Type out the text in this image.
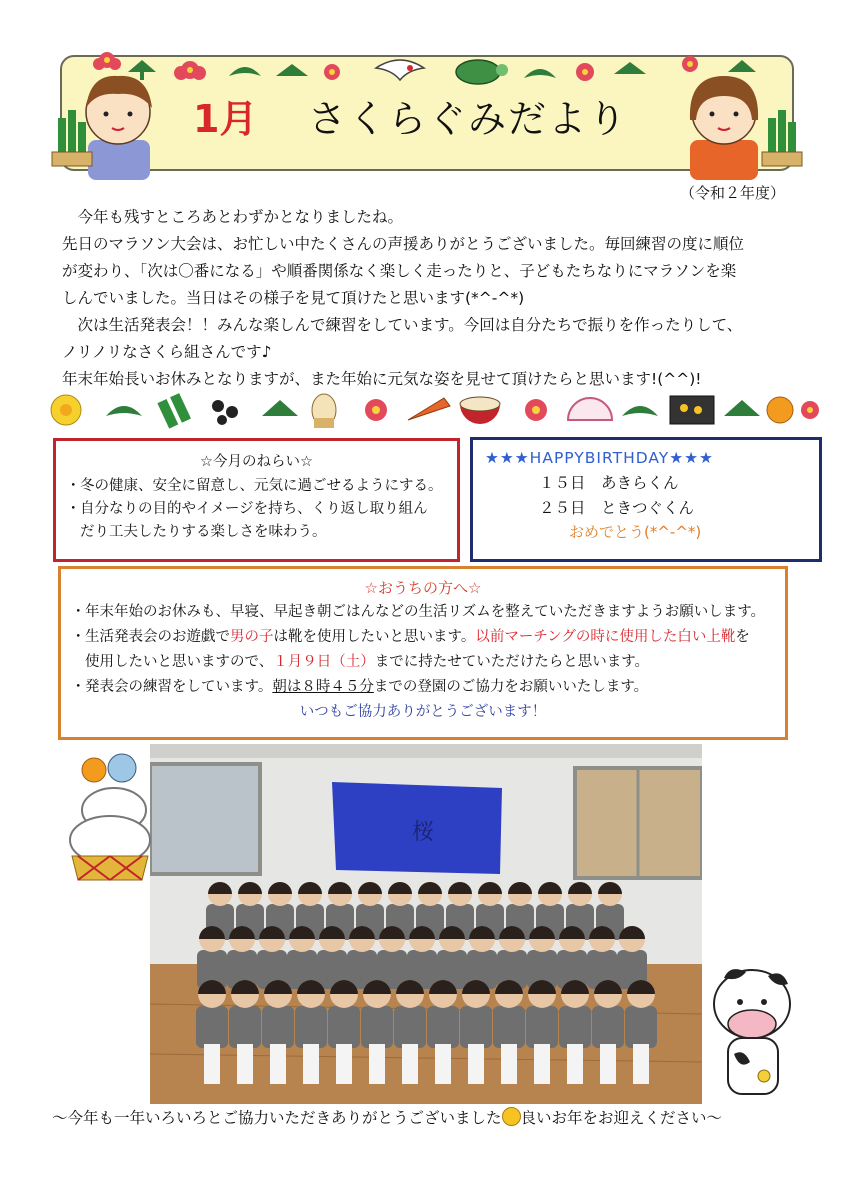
1月 さくらぐみだより
（令和２年度）

　今年も残すところあとわずかとなりましたね。

先日のマラソン大会は、お忙しい中たくさんの声援ありがとうございました。毎回練習の度に順位

が変わり、「次は〇番になる」や順番関係なく楽しく走ったりと、子どもたちなりにマラソンを楽

しんでいました。当日はその様子を見て頂けたと思います(*^-^*)

　次は生活発表会！！みんな楽しんで練習をしています。今回は自分たちで振りを作ったりして、

ノリノリなさくら組さんです♪

年末年始長いお休みとなりますが、また年始に元気な姿を見せて頂けたらと思います!(^^)!

☆今月のねらい☆
・ 冬の健康、安全に留意し、元気に過ごせるようにする。
・ 自分なりの目的やイメージを持ち、くり返し取り組ん
だり工夫したりする楽しさを味わう。
★★★HAPPYBIRTHDAY★★★
１５日　あきらくん
２５日　ときつぐくん
おめでとう(*^-^*)
☆おうちの方へ☆
・ 年末年始のお休みも、早寝、早起き朝ごはんなどの生活リズムを整えていただきますようお願いします。
・ 生活発表会のお遊戯で男の子は靴を使用したいと思います。以前マーチングの時に使用した白い上靴を
使用したいと思いますので、１月９日（土）までに持たせていただけたらと思います。
・ 発表会の練習をしています。朝は８時４５分までの登園のご協力をお願いいたします。
いつもご協力ありがとうございます！
桜
～今年も一年いろいろとご協力いただきありがとうございました 良いお年をお迎えください～
